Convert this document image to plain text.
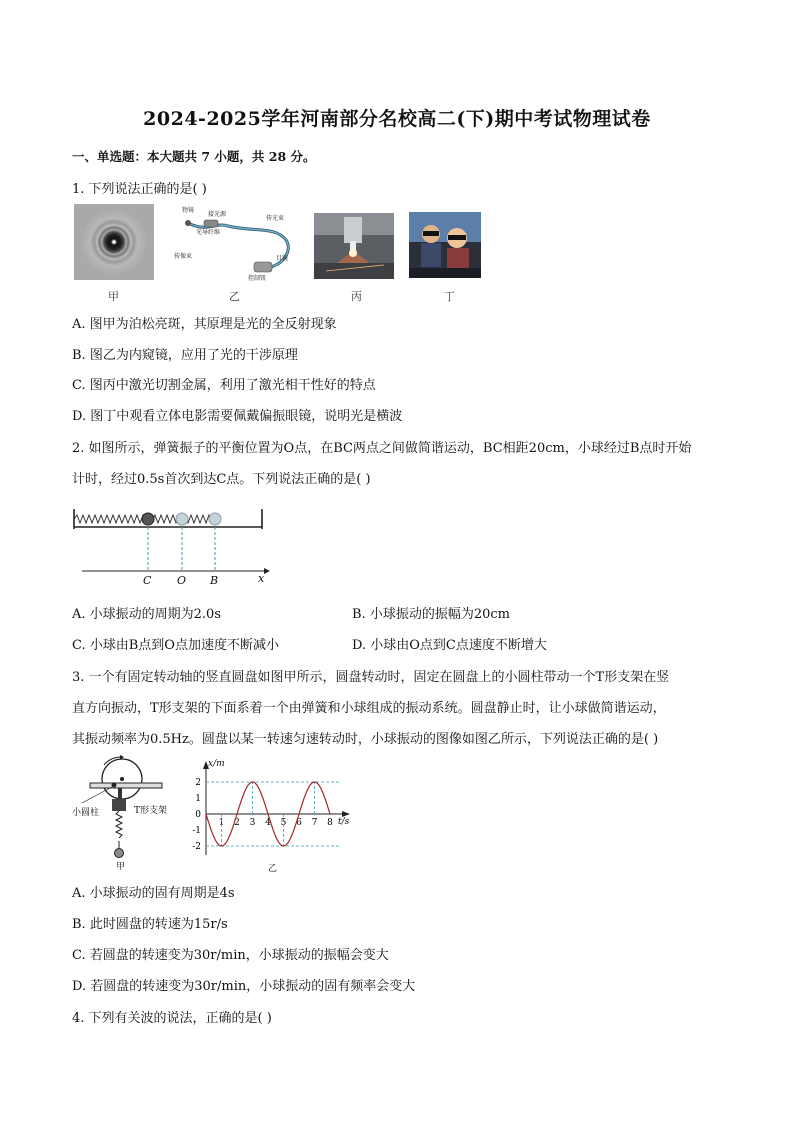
2024-2025学年河南部分名校高二(下)期中考试物理试卷
一、单选题：本大题共 7 小题，共 28 分。
1. 下列说法正确的是( )
物镜
接光源
传光束
光导纤维
传像束	目镜
控制钮
甲	乙	丙	丁
A. 图甲为泊松亮斑，其原理是光的全反射现象
B. 图乙为内窥镜，应用了光的干涉原理
C. 图丙中激光切割金属，利用了激光相干性好的特点
D. 图丁中观看立体电影需要佩戴偏振眼镜，说明光是横波
2. 如图所示，弹簧振子的平衡位置为O点，在BC两点之间做简谐运动，BC相距20cm，小球经过B点时开始
计时，经过0.5s首次到达C点。下列说法正确的是( )
C O B	x
A. 小球振动的周期为2.0s	B. 小球振动的振幅为20cm
C. 小球由B点到O点加速度不断减小	D. 小球由O点到C点速度不断增大
3. 一个有固定转动轴的竖直圆盘如图甲所示，圆盘转动时，固定在圆盘上的小圆柱带动一个T形支架在竖
直方向振动，T形支架的下面系着一个由弹簧和小球组成的振动系统。圆盘静止时，让小球做简谐运动，
其振动频率为0.5Hz。圆盘以某一转速匀速转动时，小球振动的图像如图乙所示，下列说法正确的是( )
小圆柱	T形支架
甲
x/m
t/s
2
1
0
-1
-2
1 2 3 4 5 6 7 8
乙
A. 小球振动的固有周期是4s
B. 此时圆盘的转速为15r/s
C. 若圆盘的转速变为30r/min，小球振动的振幅会变大
D. 若圆盘的转速变为30r/min，小球振动的固有频率会变大
4. 下列有关波的说法，正确的是( )
